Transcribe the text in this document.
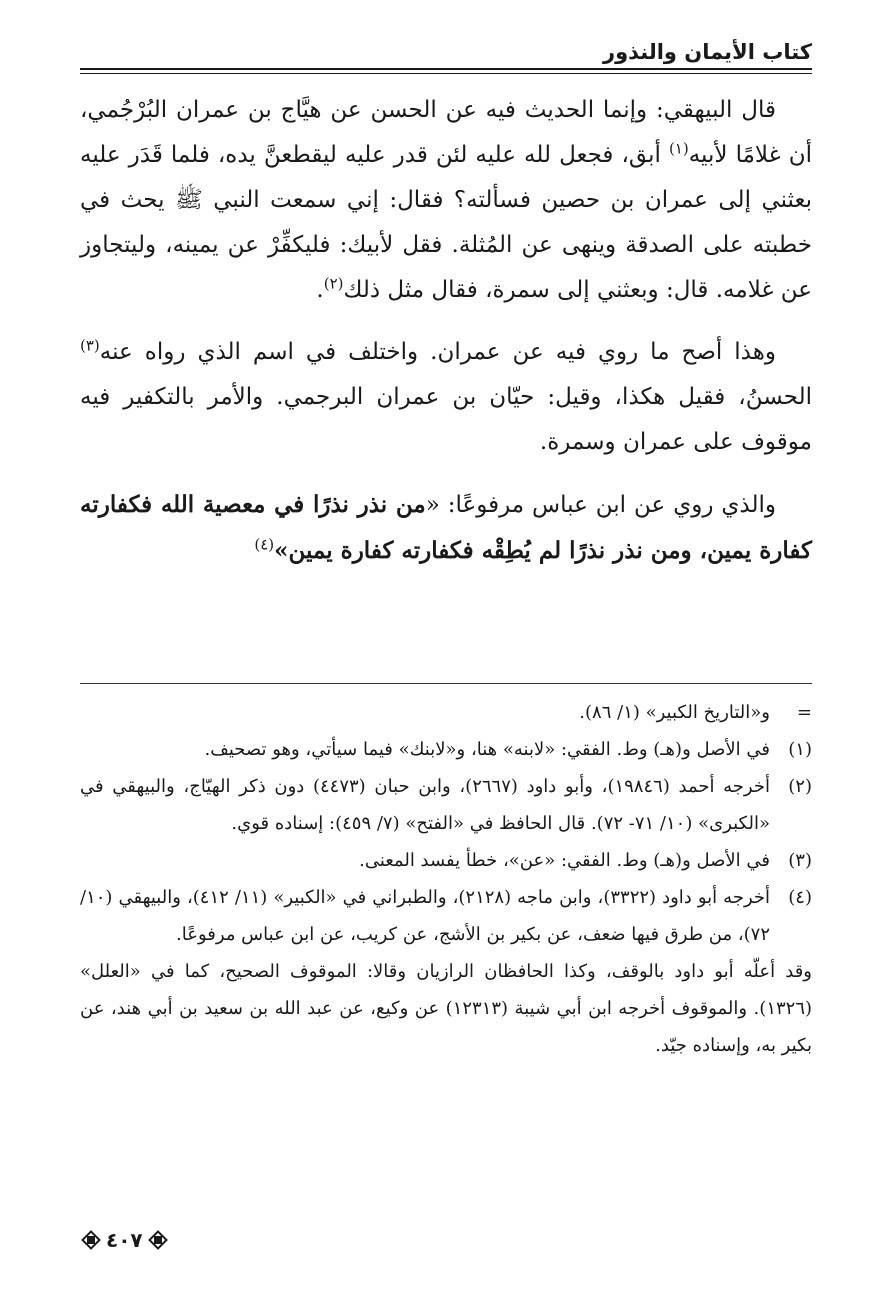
كتاب الأيمان والنذور

قال البيهقي: وإنما الحديث فيه عن الحسن عن هيَّاج بن عمران البُرْجُمي، أن غلامًا لأبيه$^{(١)}$ أبق، فجعل لله عليه لئن قدر عليه ليقطعنَّ يده، فلما قَدَر عليه بعثني إلى عمران بن حصين فسألته؟ فقال: إني سمعت النبي ﷺ يحث في خطبته على الصدقة وينهى عن المُثلة. فقل لأبيك: فليكفِّرْ عن يمينه، وليتجاوز عن غلامه. قال: وبعثني إلى سمرة، فقال مثل ذلك$^{(٢)}$.

وهذا أصح ما روي فيه عن عمران. واختلف في اسم الذي رواه عنه$^{(٣)}$ الحسنُ، فقيل هكذا، وقيل: حيّان بن عمران البرجمي. والأمر بالتكفير فيه موقوف على عمران وسمرة.

والذي روي عن ابن عباس مرفوعًا: «من نذر نذرًا في معصية الله فكفارته كفارة يمين، ومن نذر نذرًا لم يُطِقْه فكفارته كفارة يمين»$^{(٤)}$

=
و«التاريخ الكبير» (١/ ٨٦).
(١)
في الأصل و(هـ) وط. الفقي: «لابنه» هنا، و«لابنك» فيما سيأتي، وهو تصحيف.
(٢)
أخرجه أحمد (١٩٨٤٦)، وأبو داود (٢٦٦٧)، وابن حبان (٤٤٧٣) دون ذكر الهيّاج، والبيهقي في «الكبرى» (١٠/ ٧١- ٧٢). قال الحافظ في «الفتح» (٧/ ٤٥٩): إسناده قوي.
(٣)
في الأصل و(هـ) وط. الفقي: «عن»، خطأ يفسد المعنى.
(٤)
أخرجه أبو داود (٣٣٢٢)، وابن ماجه (٢١٢٨)، والطبراني في «الكبير» (١١/ ٤١٢)، والبيهقي (١٠/ ٧٢)، من طرق فيها ضعف، عن بكير بن الأشج، عن كريب، عن ابن عباس مرفوعًا.

وقد أعلّه أبو داود بالوقف، وكذا الحافظان الرازيان وقالا: الموقوف الصحيح، كما في «العلل» (١٣٢٦). والموقوف أخرجه ابن أبي شيبة (١٢٣١٣) عن وكيع، عن عبد الله بن سعيد بن أبي هند، عن بكير به، وإسناده جيّد.

٤٠٧
